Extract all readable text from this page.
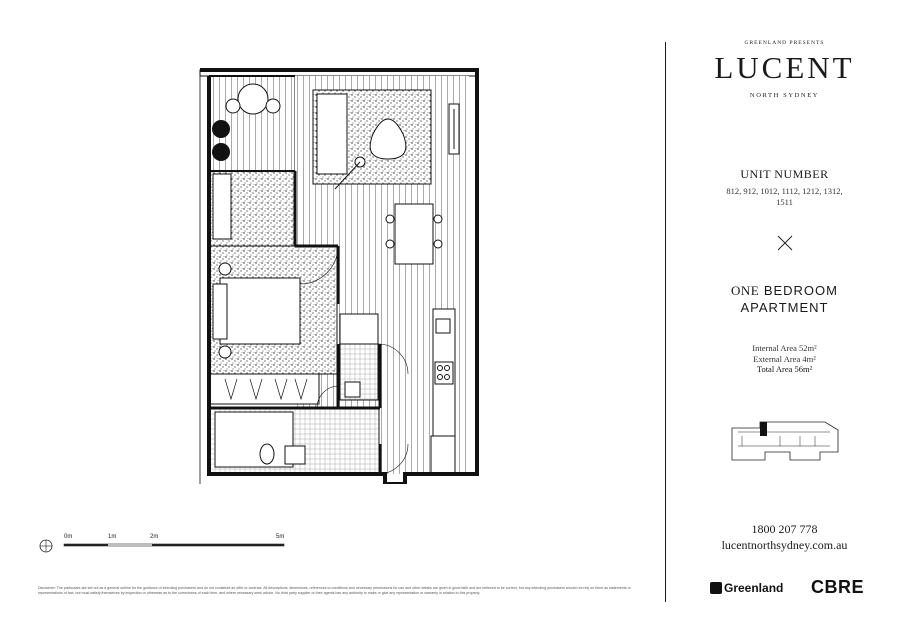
0m	1m	2m	5m
Disclaimer: The particulars are set out as a general outline for the guidance of intending purchasers and do not constitute an offer or contract. All descriptions, dimensions, references to conditions and necessary permissions for use and other details are given in good faith and are believed to be correct, but any intending purchasers should not rely on them as statements or representations of fact, but must satisfy themselves by inspection or otherwise as to the correctness of each item, and where necessary seek advice. No third party supplier or their agents has any authority to make or give any representation or warranty in relation to this property.
GREENLAND PRESENTS
LUCENT
NORTH SYDNEY
UNIT NUMBER
812, 912, 1012, 1112, 1212, 1312, 1511
ONE BEDROOM
APARTMENT
Internal Area 52m²
External Area 4m²
Total Area 56m²
1800 207 778
lucentnorthsydney.com.au
Greenland CBRE
